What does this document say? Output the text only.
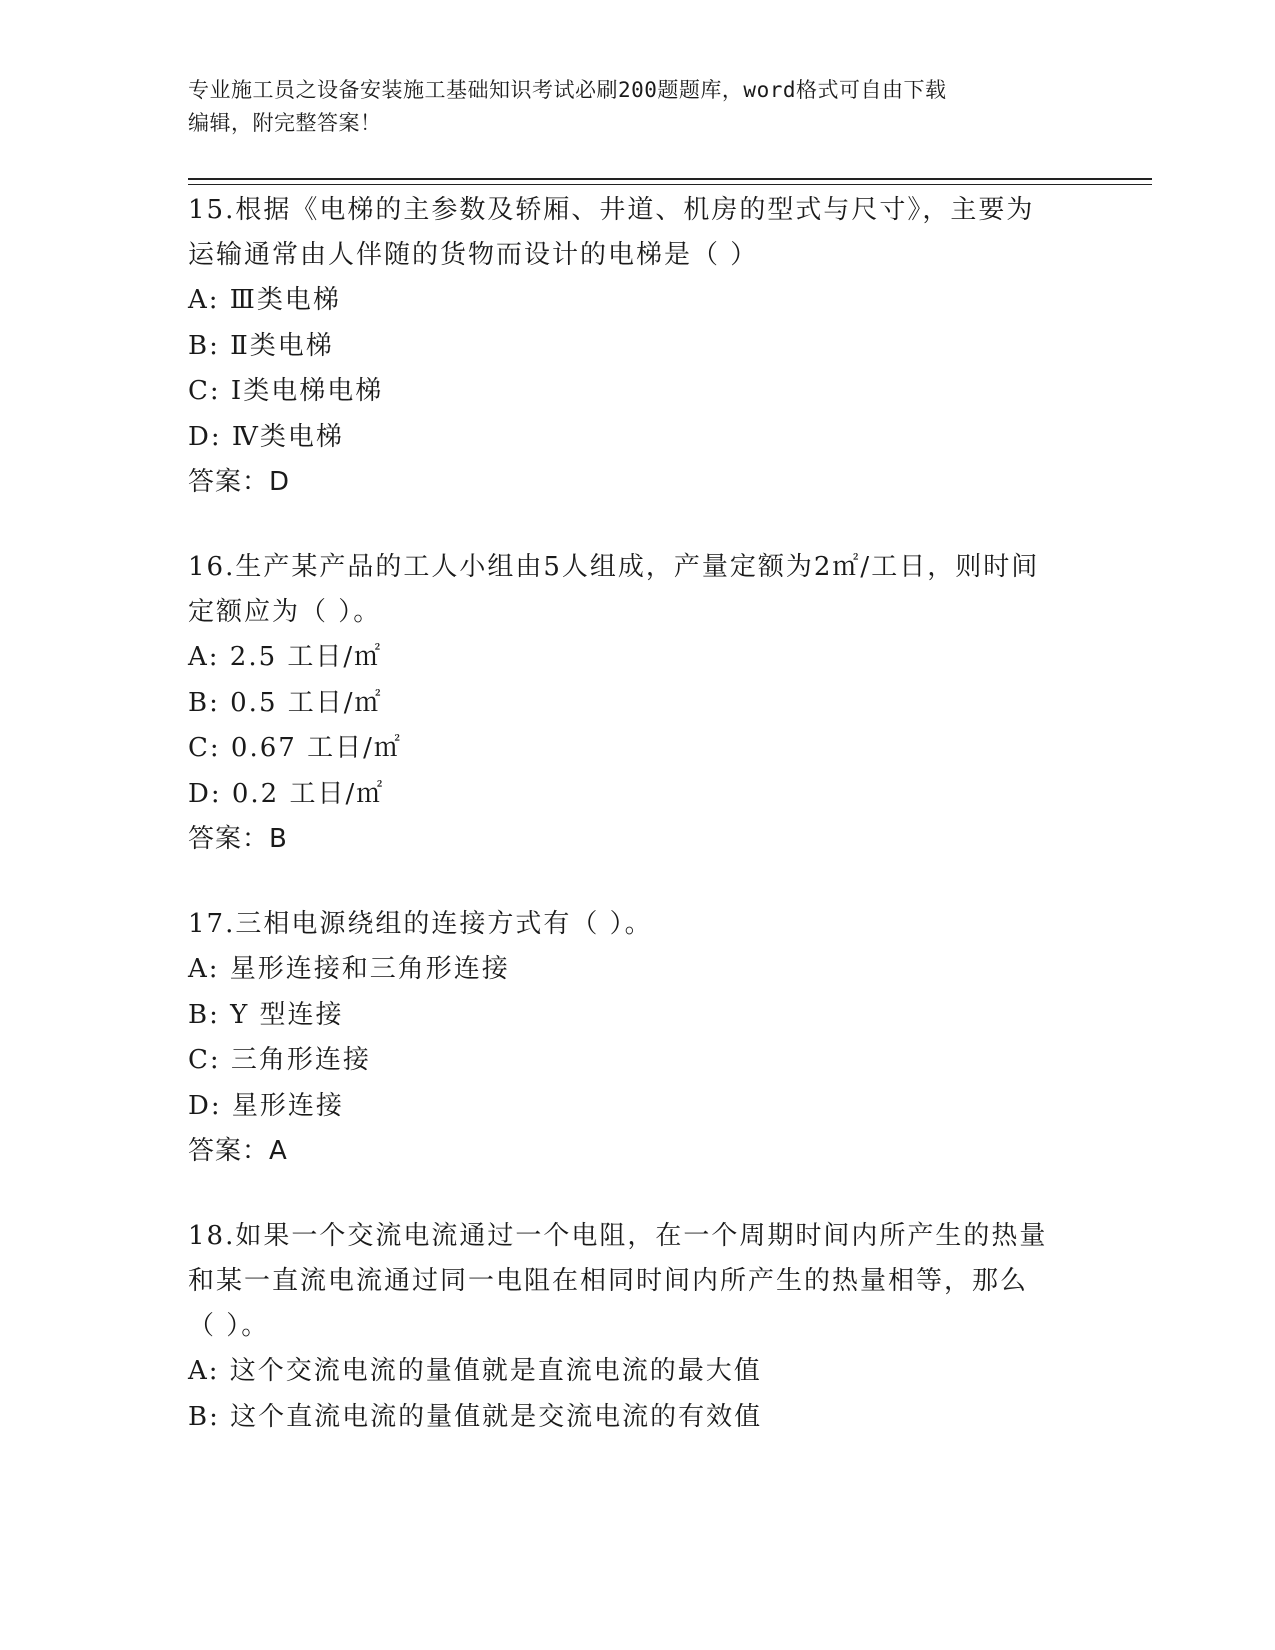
专业施工员之设备安装施工基础知识考试必刷200题题库，word格式可自由下载
编辑，附完整答案！

15.根据《电梯的主参数及轿厢、井道、机房的型式与尺寸》，主要为

运输通常由人伴随的货物而设计的电梯是（ ）

A: Ⅲ类电梯

B: Ⅱ类电梯

C: Ⅰ类电梯电梯

D: Ⅳ类电梯

答案：D

16.生产某产品的工人小组由5人组成，产量定额为2㎡/工日，则时间

定额应为（ ）。

A: 2.5 工日/㎡

B: 0.5 工日/㎡

C: 0.67 工日/㎡

D: 0.2 工日/㎡

答案：B

17.三相电源绕组的连接方式有（ ）。

A: 星形连接和三角形连接

B: Y 型连接

C: 三角形连接

D: 星形连接

答案：A

18.如果一个交流电流通过一个电阻，在一个周期时间内所产生的热量

和某一直流电流通过同一电阻在相同时间内所产生的热量相等，那么

（ ）。

A: 这个交流电流的量值就是直流电流的最大值

B: 这个直流电流的量值就是交流电流的有效值
